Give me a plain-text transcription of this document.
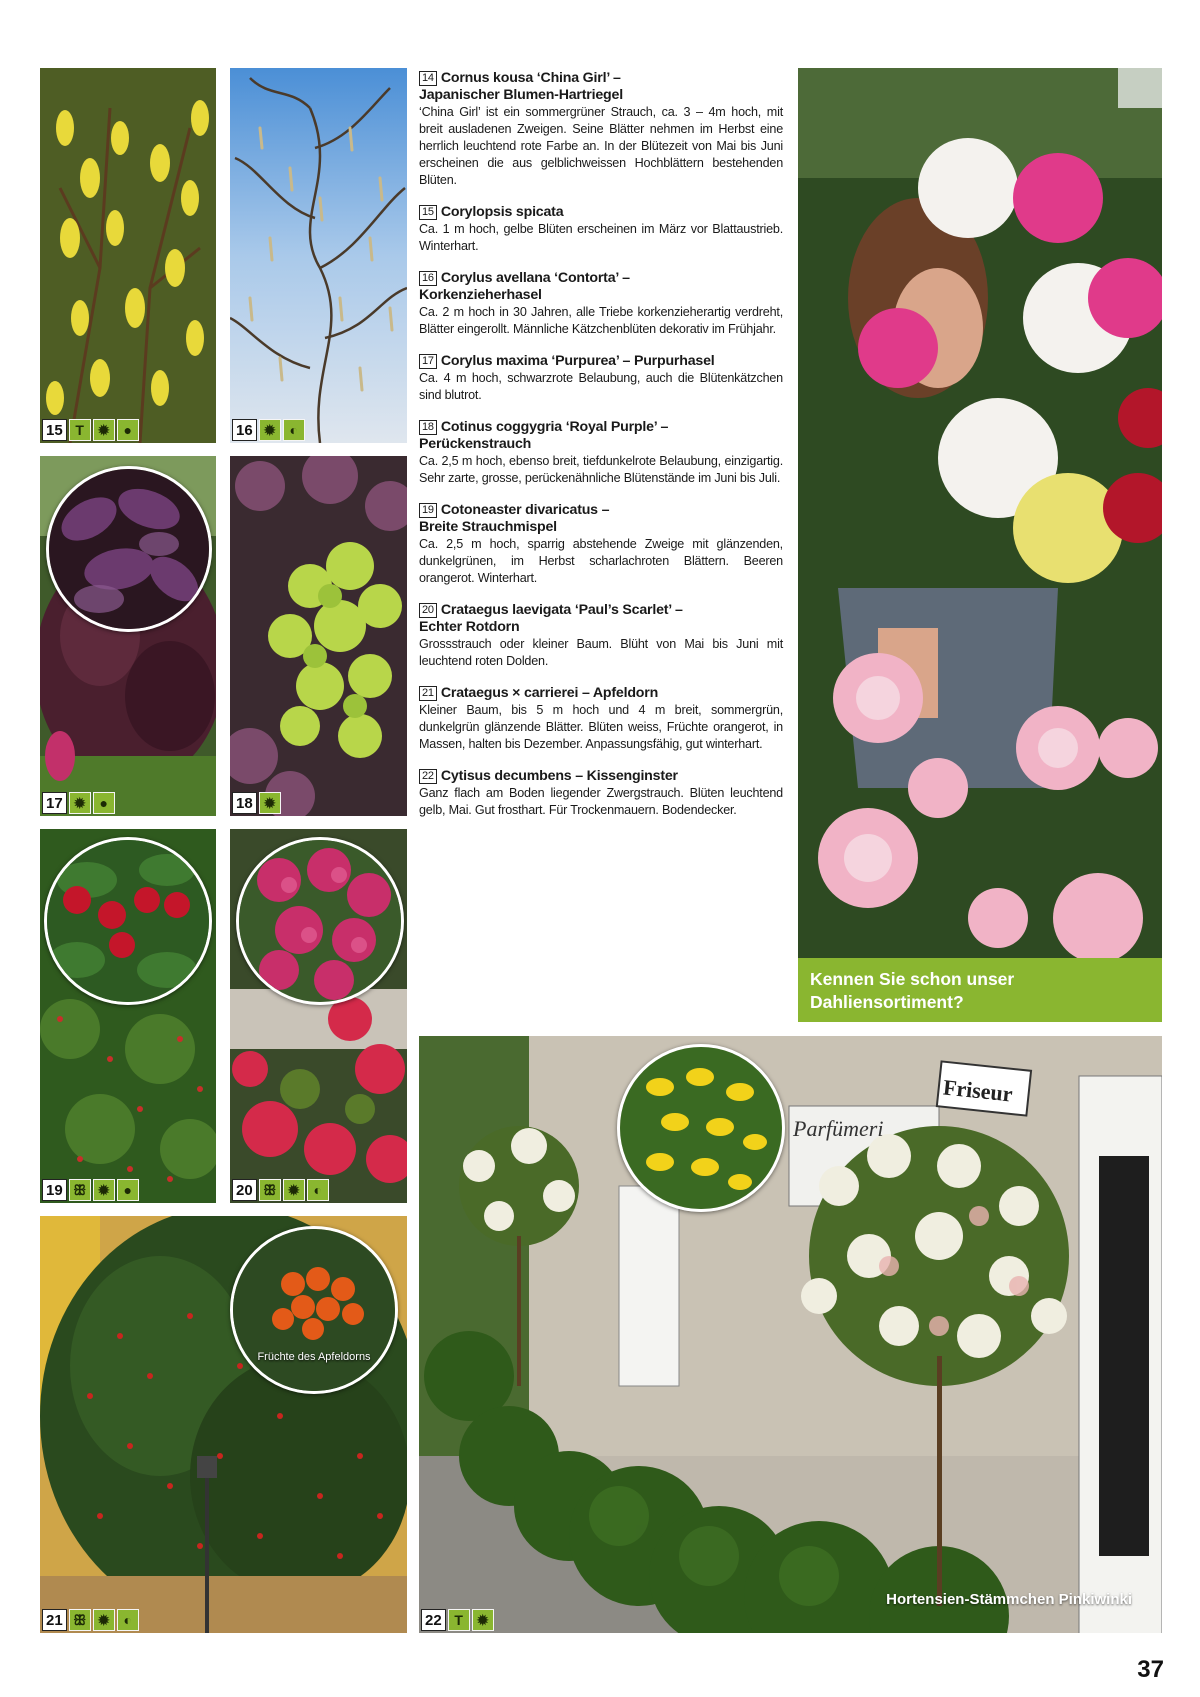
15 T ✹ ●	16 ✹ ◐
17 ✹ ●	18 ✹
19 ꕥ ✹ ●	20 ꕥ ✹ ◐
Früchte des Apfeldorns
21 ꕥ ✹ ◐
Kennen Sie schon unser
Dahliensortiment?
Friseur
Parfümeri
Hortensien-Stämmchen Pinkiwinki
22 T ✹
14 Cornus kousa ‘China Girl’ –
Japanischer Blumen-Hartriegel
‘China Girl’ ist ein sommergrüner Strauch, ca. 3 – 4m hoch, mit breit ausladenen Zweigen. Seine Blätter nehmen im Herbst eine herrlich leuchtend rote Farbe an. In der Blütezeit von Mai bis Juni erscheinen die aus gelblichweissen Hochblättern bestehenden Blüten.
15 Corylopsis spicata
Ca. 1 m hoch, gelbe Blüten erscheinen im März vor Blattaustrieb. Winterhart.
16 Corylus avellana ‘Contorta’ –
Korkenzieherhasel
Ca. 2 m hoch in 30 Jahren, alle Triebe korkenzieherartig verdreht, Blätter eingerollt. Männliche Kätzchenblüten dekorativ im Frühjahr.
17 Corylus maxima ‘Purpurea’ – Purpurhasel
Ca. 4 m hoch, schwarzrote Belaubung, auch die Blütenkätzchen sind blutrot.
18 Cotinus coggygria ‘Royal Purple’ –
Perückenstrauch
Ca. 2,5 m hoch, ebenso breit, tiefdunkelrote Belaubung, einzigartig. Sehr zarte, grosse, perückenähnliche Blütenstände im Juni bis Juli.
19 Cotoneaster divaricatus –
Breite Strauchmispel
Ca. 2,5 m hoch, sparrig abstehende Zweige mit glänzenden, dunkelgrünen, im Herbst scharlachroten Blättern. Beeren orangerot. Winterhart.
20 Crataegus laevigata ‘Paul’s Scarlet’ –
Echter Rotdorn
Grossstrauch oder kleiner Baum. Blüht von Mai bis Juni mit leuchtend roten Dolden.
21 Crataegus × carrierei – Apfeldorn
Kleiner Baum, bis 5 m hoch und 4 m breit, sommergrün, dunkelgrün glänzende Blätter. Blüten weiss, Früchte orangerot, in Massen, halten bis Dezember. Anpassungsfähig, gut winterhart.
22 Cytisus decumbens – Kissenginster
Ganz flach am Boden liegender Zwergstrauch. Blüten leuchtend gelb, Mai. Gut frosthart. Für Trockenmauern. Bodendecker.
37
